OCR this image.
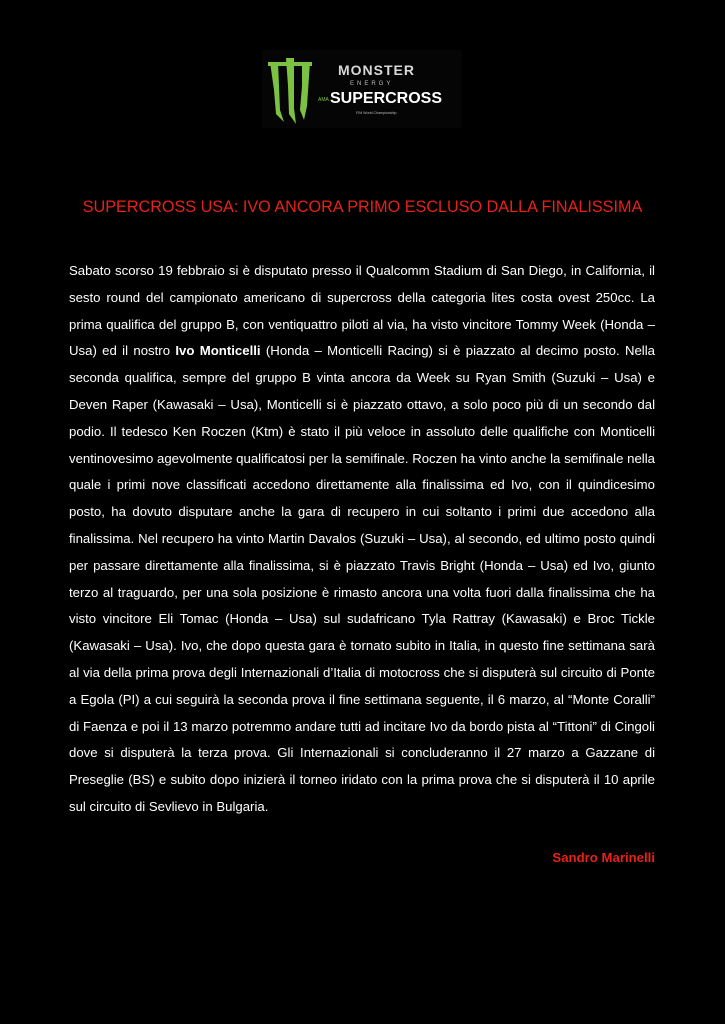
MONSTER
ENERGY
AMA SUPERCROSS
FIM World Championship
SUPERCROSS USA: IVO ANCORA PRIMO ESCLUSO DALLA FINALISSIMA

Sabato scorso 19 febbraio si è disputato presso il Qualcomm Stadium di San Diego, in California, il sesto round del campionato americano di supercross della categoria lites costa ovest 250cc. La prima qualifica del gruppo B, con ventiquattro piloti al via, ha visto vincitore Tommy Week (Honda – Usa) ed il nostro Ivo Monticelli (Honda – Monticelli Racing) si è piazzato al decimo posto. Nella seconda qualifica, sempre del gruppo B vinta ancora da Week su Ryan Smith (Suzuki – Usa) e Deven Raper (Kawasaki – Usa), Monticelli si è piazzato ottavo, a solo poco più di un secondo dal podio. Il tedesco Ken Roczen (Ktm) è stato il più veloce in assoluto delle qualifiche con Monticelli ventinovesimo agevolmente qualificatosi per la semifinale. Roczen ha vinto anche la semifinale nella quale i primi nove classificati accedono direttamente alla finalissima ed Ivo, con il quindicesimo posto, ha dovuto disputare anche la gara di recupero in cui soltanto i primi due accedono alla finalissima. Nel recupero ha vinto Martin Davalos (Suzuki – Usa), al secondo, ed ultimo posto quindi per passare direttamente alla finalissima, si è piazzato Travis Bright (Honda – Usa) ed Ivo, giunto terzo al traguardo, per una sola posizione è rimasto ancora una volta fuori dalla finalissima che ha visto vincitore Eli Tomac (Honda – Usa) sul sudafricano Tyla Rattray (Kawasaki) e Broc Tickle (Kawasaki – Usa). Ivo, che dopo questa gara è tornato subito in Italia, in questo fine settimana sarà al via della prima prova degli Internazionali d’Italia di motocross che si disputerà sul circuito di Ponte a Egola (PI) a cui seguirà la seconda prova il fine settimana seguente, il 6 marzo, al “Monte Coralli” di Faenza e poi il 13 marzo potremmo andare tutti ad incitare Ivo da bordo pista al “Tittoni” di Cingoli dove si disputerà la terza prova. Gli Internazionali si concluderanno il 27 marzo a Gazzane di Preseglie (BS) e subito dopo inizierà il torneo iridato con la prima prova che si disputerà il 10 aprile sul circuito di Sevlievo in Bulgaria.

Sandro Marinelli
